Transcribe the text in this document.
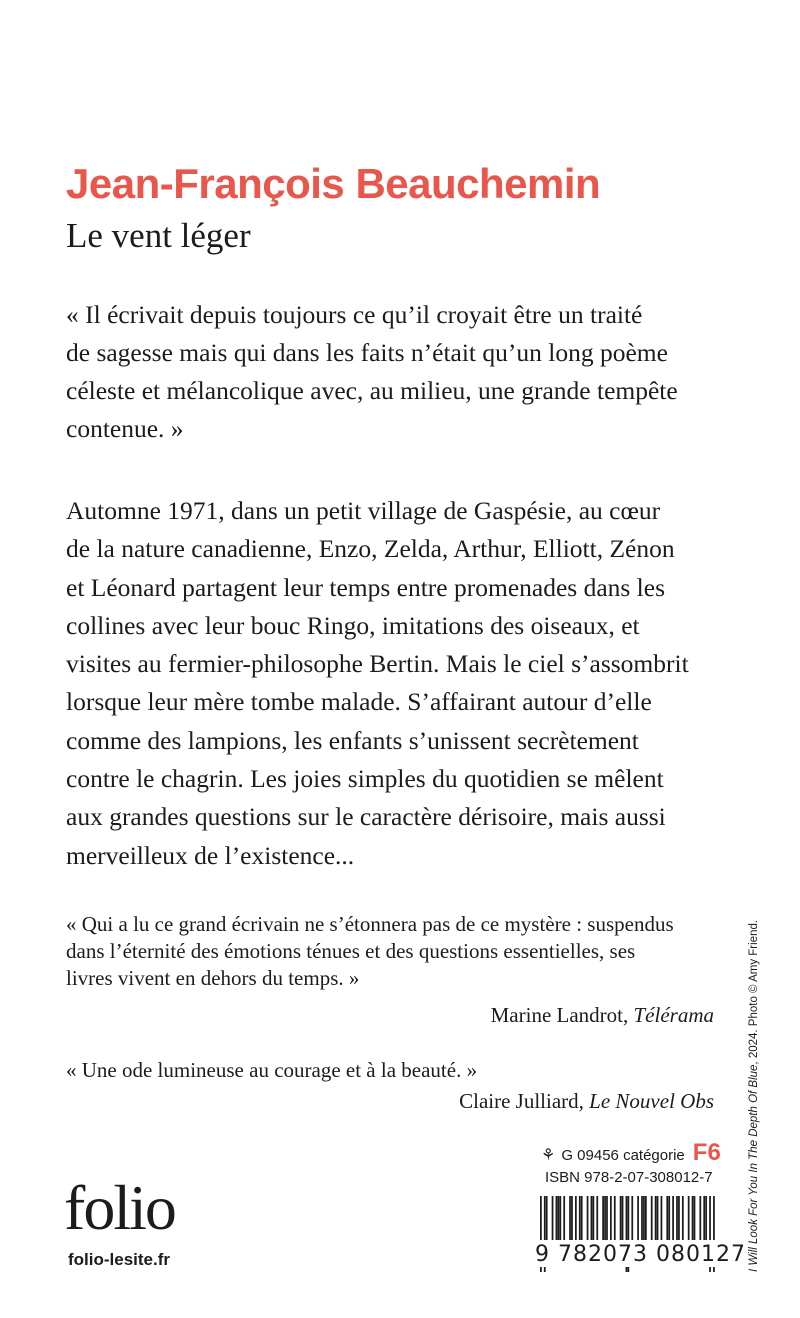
Jean-François Beauchemin
Le vent léger
« Il écrivait depuis toujours ce qu’il croyait être un traité
de sagesse mais qui dans les faits n’était qu’un long poème
céleste et mélancolique avec, au milieu, une grande tempête
contenue. »
Automne 1971, dans un petit village de Gaspésie, au cœur
de la nature canadienne, Enzo, Zelda, Arthur, Elliott, Zénon
et Léonard partagent leur temps entre promenades dans les
collines avec leur bouc Ringo, imitations des oiseaux, et
visites au fermier-philosophe Bertin. Mais le ciel s’assombrit
lorsque leur mère tombe malade. S’affairant autour d’elle
comme des lampions, les enfants s’unissent secrètement
contre le chagrin. Les joies simples du quotidien se mêlent
aux grandes questions sur le caractère dérisoire, mais aussi
merveilleux de l’existence...
« Qui a lu ce grand écrivain ne s’étonnera pas de ce mystère : suspendus
dans l’éternité des émotions ténues et des questions essentielles, ses
livres vivent en dehors du temps. »
Marine Landrot, Télérama
« Une ode lumineuse au courage et à la beauté. »
Claire Julliard, Le Nouvel Obs
⚘ G 09456
catégorie F6
ISBN 978-2-07-308012-7
9 782073 080127
folio
folio-lesite.fr	I Will Look For You In The Depth Of Blue, 2024. Photo © Amy Friend.
